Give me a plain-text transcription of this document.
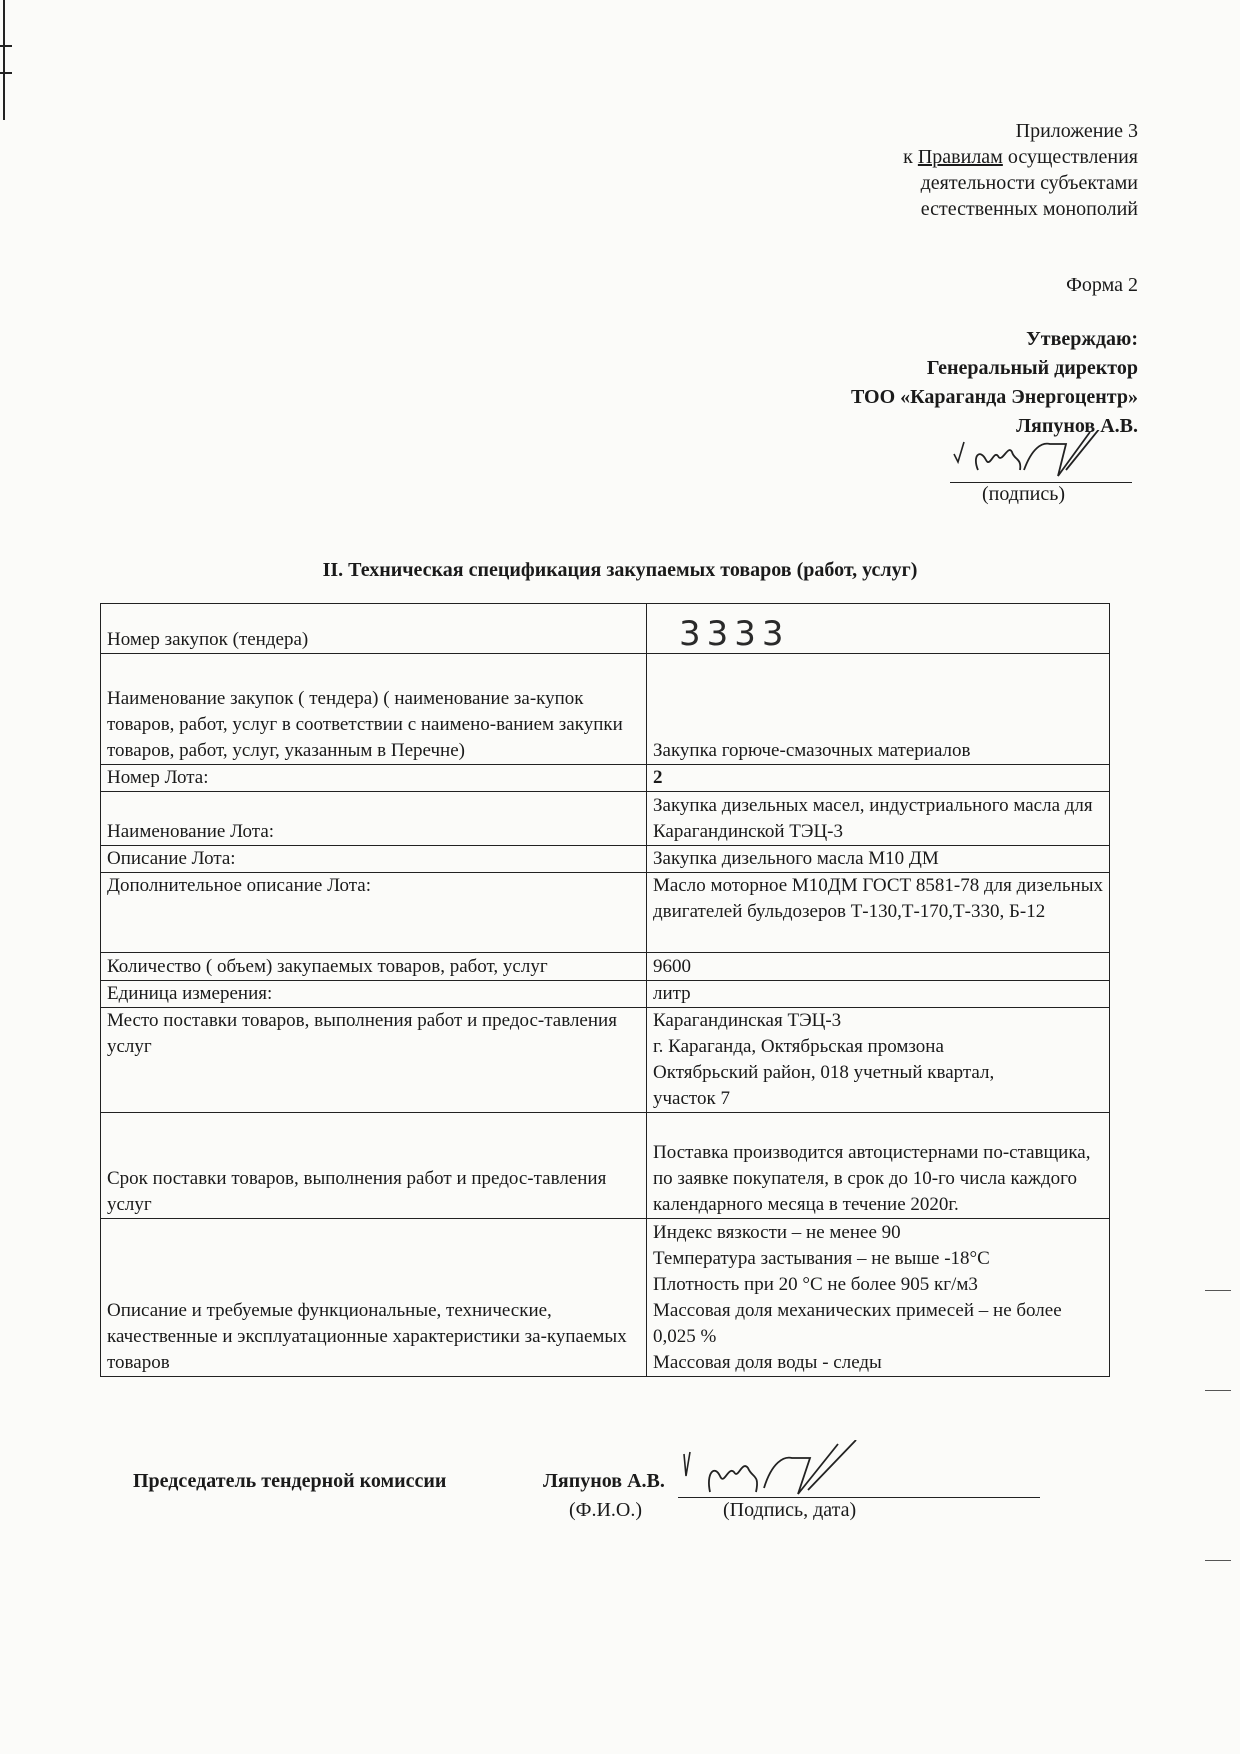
Приложение 3
к Правилам осуществления
деятельности субъектами
естественных монополий
Форма 2
Утверждаю:
Генеральный директор
ТОО «Караганда Энергоцентр»
Ляпунов А.В.
(подпись)
II. Техническая спецификация закупаемых товаров (работ, услуг)
Номер закупок (тендера)	3333
Наименование закупок ( тендера) ( наименование за-купок товаров, работ, услуг в соответствии с наимено-ванием закупки товаров, работ, услуг, указанным в Перечне)	Закупка горюче-смазочных материалов
Номер Лота:	2
Наименование Лота:	Закупка дизельных масел, индустриального масла для Карагандинской ТЭЦ-3
Описание Лота:	Закупка дизельного масла М10 ДМ
Дополнительное описание Лота:	Масло моторное М10ДМ ГОСТ 8581-78 для дизельных двигателей бульдозеров Т-130,Т-170,Т-330, Б-12
Количество ( объем) закупаемых товаров, работ, услуг	9600
Единица измерения:	литр
Место поставки товаров, выполнения работ и предос-тавления услуг	Карагандинская ТЭЦ-3
г. Караганда, Октябрьская промзона
Октябрьский район, 018 учетный квартал,
участок 7

Срок поставки товаров, выполнения работ и предос-тавления услуг	Поставка производится автоцистернами по-ставщика, по заявке покупателя, в срок до 10-го числа каждого календарного месяца в течение 2020г.
Описание и требуемые функциональные, технические, качественные и эксплуатационные характеристики за-купаемых товаров	Индекс вязкости – не менее 90
Температура застывания – не выше -18°С
Плотность при 20 °С не более 905 кг/м3
Массовая доля механических примесей – не более 0,025 %
Массовая доля воды - следы
Председатель тендерной комиссии	Ляпунов А.В.
(Ф.И.О.)	(Подпись, дата)
